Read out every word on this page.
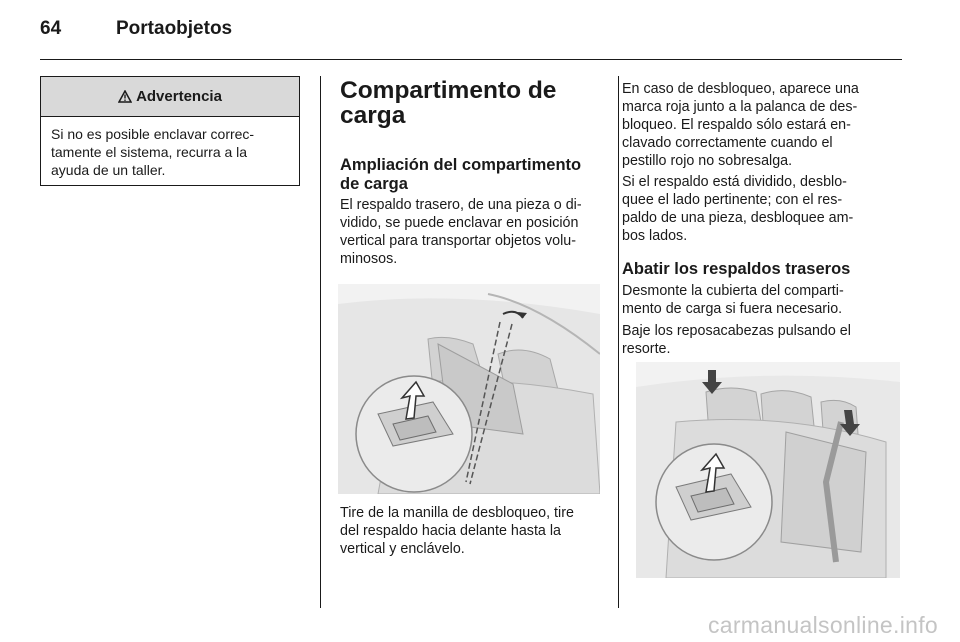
64	Portaobjetos
Advertencia
Si no es posible enclavar correc-
tamente el sistema, recurra a la
ayuda de un taller.
Compartimento de
carga
Ampliación del compartimento
de carga
El respaldo trasero, de una pieza o di-
vidido, se puede enclavar en posición
vertical para transportar objetos volu-
minosos.
Tire de la manilla de desbloqueo, tire
del respaldo hacia delante hasta la
vertical y enclávelo.
En caso de desbloqueo, aparece una
marca roja junto a la palanca de des-
bloqueo. El respaldo sólo estará en-
clavado correctamente cuando el
pestillo rojo no sobresalga.
Si el respaldo está dividido, desblo-
quee el lado pertinente; con el res-
paldo de una pieza, desbloquee am-
bos lados.
Abatir los respaldos traseros
Desmonte la cubierta del comparti-
mento de carga si fuera necesario.
Baje los reposacabezas pulsando el
resorte.
carmanualsonline.info
